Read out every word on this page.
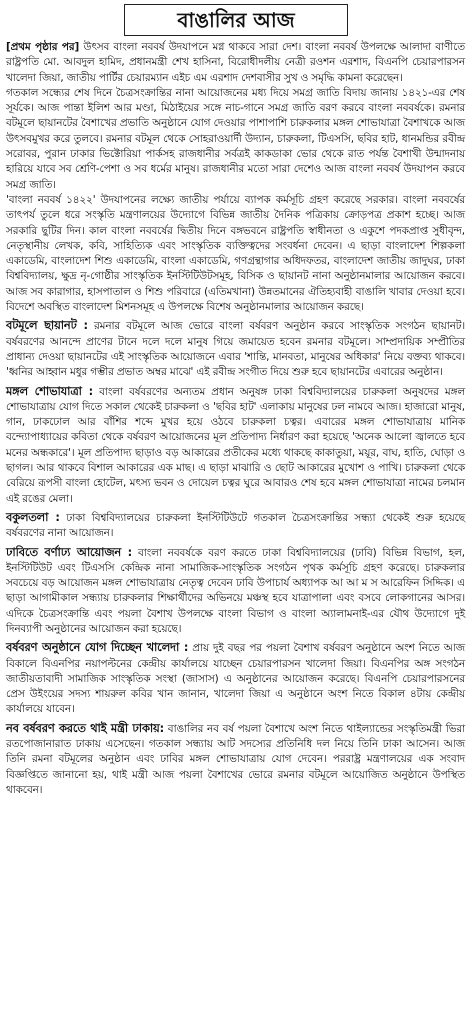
বাঙালির আজ

[প্রথম পৃষ্ঠার পর] উৎসব বাংলা নববর্ষ উদযাপনে মগ্ন থাকবে সারা দেশ। বাংলা নববর্ষ উপলক্ষে আলাদা বাণীতে রাষ্ট্রপতি মো. আবদুল হামিদ, প্রধানমন্ত্রী শেখ হাসিনা, বিরোধীদলীয় নেত্রী রওশন এরশাদ, বিএনপি চেয়ারপারসন খালেদা জিয়া, জাতীয় পার্টির চেয়ারম্যান এইচ এম এরশাদ দেশবাসীর সুখ ও সমৃদ্ধি কামনা করেছেন।

গতকাল সন্ধ্যের শেষ দিনে চৈত্রসংক্রান্তির নানা আয়োজনের মধ্য দিয়ে সমগ্র জাতি বিদায় জানায় ১৪২১-এর শেষ সূর্যকে। আজ পান্তা ইলিশ আর মণ্ডা, মিঠাইয়ের সঙ্গে নাচ-গানে সমগ্র জাতি বরণ করবে বাংলা নববর্ষকে। রমনার বটমূলে ছায়ানটের বৈশাখের প্রভাতি অনুষ্ঠানে যোগ দেওয়ার পাশাপাশি চারুকলার মঙ্গল শোভাযাত্রা বৈশাখকে আজ উৎসবমুখর করে তুলবে। রমনার বটমূল থেকে সোহরাওয়ার্দী উদ্যান, চারুকলা, টিএসসি, ছবির হাট, ধানমন্ডির রবীন্দ্র সরোবর, পুরান ঢাকার ভিক্টোরিয়া পার্কসহ রাজধানীর সর্বত্রই কাকডাকা ভোর থেকে রাত পর্যন্ত বৈশাখী উন্মাদনায় হারিয়ে যাবে সব শ্রেণি-পেশা ও সব ধর্মের মানুষ। রাজধানীর মতো সারা দেশেও আজ বাংলা নববর্ষ উদযাপন করবে সমগ্র জাতি।

'বাংলা নববর্ষ ১৪২২' উদযাপনের লক্ষ্যে জাতীয় পর্যায়ে ব্যাপক কর্মসূচি গ্রহণ করেছে সরকার। বাংলা নববর্ষের তাৎপর্য তুলে ধরে সংস্কৃতি মন্ত্রণালয়ের উদ্যোগে বিভিন্ন জাতীয় দৈনিক পত্রিকায় ক্রোড়পত্র প্রকাশ হচ্ছে। আজ সরকারি ছুটির দিন। কাল বাংলা নববর্ষের দ্বিতীয় দিনে বঙ্গভবনে রাষ্ট্রপতি স্বাধীনতা ও একুশে পদকপ্রাপ্ত সুধীবৃন্দ, নেতৃস্থানীয় লেখক, কবি, সাহিত্যিক এবং সাংস্কৃতিক ব্যক্তিত্বদের সংবর্ধনা দেবেন। এ ছাড়া বাংলাদেশ শিল্পকলা একাডেমি, বাংলাদেশ শিশু একাডেমি, বাংলা একাডেমি, গণগ্রন্থাগার অধিদফতর, বাংলাদেশ জাতীয় জাদুঘর, ঢাকা বিশ্ববিদ্যালয়, ক্ষুদ্র নৃ-গোষ্ঠীর সাংস্কৃতিক ইনস্টিটিউটসমূহ, বিসিক ও ছায়ানট নানা অনুষ্ঠানমালার আয়োজন করবে। আজ সব কারাগার, হাসপাতাল ও শিশু পরিবারে (এতিমখানা) উন্নতমানের ঐতিহ্যবাহী বাঙালি খাবার দেওয়া হবে। বিদেশে অবস্থিত বাংলাদেশ মিশনসমূহ এ উপলক্ষে বিশেষ অনুষ্ঠানমালার আয়োজন করছে।

বটমূলে ছায়ানট : রমনার বটমূলে আজ ভোরে বাংলা বর্ষবরণ অনুষ্ঠান করবে সাংস্কৃতিক সংগঠন ছায়ানট। বর্ষবরণের আনন্দে প্রাণের টানে দলে দলে মানুষ গিয়ে জমায়েত হবেন রমনার বটমূলে। সাম্প্রদায়িক সম্প্রীতির প্রাধান্য দেওয়া ছায়ানটের এই সাংস্কৃতিক আয়োজনে এবার 'শান্তি, মানবতা, মানুষের অধিকার' নিয়ে বক্তব্য থাকবে। 'ধ্বনির আহ্বান মধুর গম্ভীর প্রভাত অম্বর মাঝে' এই রবীন্দ্র সংগীত দিয়ে শুরু হবে ছায়ানটের এবারের অনুষ্ঠান।

মঙ্গল শোভাযাত্রা : বাংলা বর্ষবরণের অন্যতম প্রধান অনুষঙ্গ ঢাকা বিশ্ববিদ্যালয়ের চারুকলা অনুষদের মঙ্গল শোভাযাত্রায় যোগ দিতে সকাল থেকেই চারুকলা ও 'ছবির হাট' এলাকায় মানুষের ঢল নামবে আজ। হাজারো মানুষ, গান, ঢাকঢোল আর বাঁশির শব্দে মুখর হয়ে ওঠবে চারুকলা চত্বর। এবারের মঙ্গল শোভাযাত্রায় মানিক বন্দ্যোপাধ্যায়ের কবিতা থেকে বর্ষবরণ আয়োজনের মূল প্রতিপাদ্য নির্ধারণ করা হয়েছে 'অনেক আলো জ্বালতে হবে মনের অন্ধকারে'। মূল প্রতিপাদ্য ছাড়াও বড় আকারের প্রতীকের মধ্যে থাকছে কাকাতুয়া, ময়ূর, বাঘ, হাতি, ঘোড়া ও ছাগল। আর থাকবে বিশাল আকারের এক মাছ। এ ছাড়া মাঝারি ও ছোট আকারের মুখোশ ও পাখি। চারুকলা থেকে বেরিয়ে রূপসী বাংলা হোটেল, মৎস্য ভবন ও দোয়েল চত্বর ঘুরে আবারও শেষ হবে মঙ্গল শোভাযাত্রা নামের চলমান এই রঙের মেলা।

বকুলতলা : ঢাকা বিশ্ববিদ্যালয়ের চারুকলা ইনস্টিটিউটে গতকাল চৈত্রসংক্রান্তির সন্ধ্যা থেকেই শুরু হয়েছে বর্ষবরণের নানা আয়োজন।

ঢাবিতে বর্ণাঢ্য আয়োজন : বাংলা নববর্ষকে বরণ করতে ঢাকা বিশ্ববিদ্যালয়ের (ঢাবি) বিভিন্ন বিভাগ, হল, ইনস্টিটিউট এবং টিএসসি কেন্দ্রিক নানা সামাজিক-সাংস্কৃতিক সংগঠন পৃথক কর্মসূচি গ্রহণ করেছে। চারুকলার সবচেয়ে বড় আয়োজন মঙ্গল শোভাযাত্রায় নেতৃত্ব দেবেন ঢাবি উপাচার্য অধ্যাপক আ আ ম স আরেফিন সিদ্দিক। এ ছাড়া আগামীকাল সন্ধ্যায় চারুকলার শিক্ষার্থীদের অভিনয়ে মঞ্চস্থ হবে যাত্রাপালা এবং বসবে লোকগানের আসর। এদিকে চৈত্রসংক্রান্তি এবং পয়লা বৈশাখ উপলক্ষে বাংলা বিভাগ ও বাংলা অ্যালামনাই-এর যৌথ উদ্যোগে দুই দিনব্যাপী অনুষ্ঠানের আয়োজন করা হয়েছে।

বর্ষবরণ অনুষ্ঠানে যোগ দিচ্ছেন খালেদা : প্রায় দুই বছর পর পয়লা বৈশাখ বর্ষবরণ অনুষ্ঠানে অংশ নিতে আজ বিকালে বিএনপির নয়াপল্টনের কেন্দ্রীয় কার্যালয়ে যাচ্ছেন চেয়ারপারসন খালেদা জিয়া। বিএনপির অঙ্গ সংগঠন জাতীয়তাবাদী সামাজিক সাংস্কৃতিক সংস্থা (জাসাস) এ অনুষ্ঠানের আয়োজন করেছে। বিএনপি চেয়ারপারসনের প্রেস উইংয়ের সদস্য শায়রুল কবির খান জানান, খালেদা জিয়া এ অনুষ্ঠানে অংশ নিতে বিকাল ৪টায় কেন্দ্রীয় কার্যালয়ে যাবেন।

নব বর্ষবরণ করতে থাই মন্ত্রী ঢাকায়: বাঙালির নব বর্ষ পয়লা বৈশাখে অংশ নিতে থাইল্যান্ডের সংস্কৃতিমন্ত্রী ভিরা রতপোজানারাত ঢাকায় এসেছেন। গতকাল সন্ধ্যায় আট সদস্যের প্রতিনিধি দল নিয়ে তিনি ঢাকা আসেন। আজ তিনি রমনা বটমূলের অনুষ্ঠান এবং ঢাবির মঙ্গল শোভাযাত্রায় যোগ দেবেন। পররাষ্ট্র মন্ত্রণালয়ের এক সংবাদ বিজ্ঞপ্তিতে জানানো হয়, থাই মন্ত্রী আজ পয়লা বৈশাখের ভোরে রমনার বটমূলে আয়োজিত অনুষ্ঠানে উপস্থিত থাকবেন।
